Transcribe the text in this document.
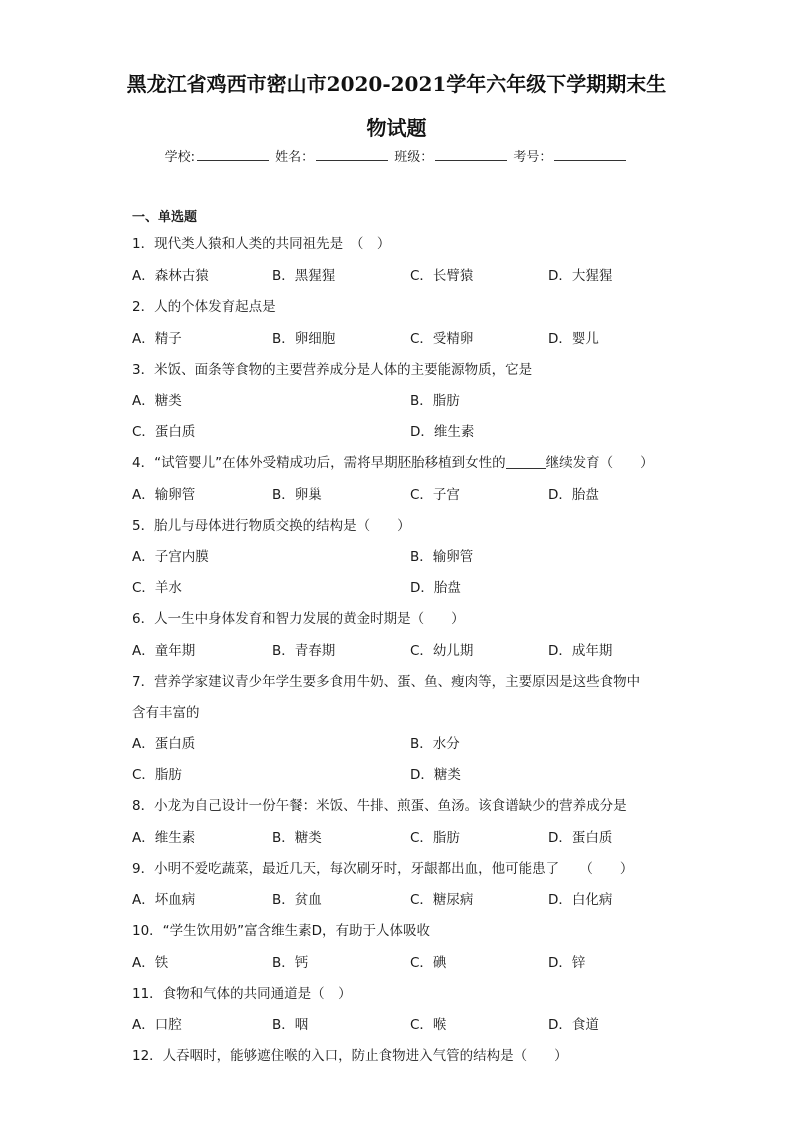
黑龙江省鸡西市密山市2020-2021学年六年级下学期期末生
物试题
学校:	姓名：	班级：	考号：
一、单选题
1．现代类人猿和人类的共同祖先是　（　）
A．森林古猿	B．黑猩猩	C．长臂猿	D．大猩猩
2．人的个体发育起点是
A．精子	B．卵细胞	C．受精卵	D．婴儿
3．米饭、面条等食物的主要营养成分是人体的主要能源物质，它是
A．糖类	B．脂肪
C．蛋白质	D．维生素
4．“试管婴儿”在体外受精成功后，需将早期胚胎移植到女性的	继续发育（　　）
A．输卵管	B．卵巢	C．子宫	D．胎盘
5．胎儿与母体进行物质交换的结构是（　　）
A．子宫内膜	B．输卵管
C．羊水	D．胎盘
6．人一生中身体发育和智力发展的黄金时期是（　　）
A．童年期	B．青春期	C．幼儿期	D．成年期
7．营养学家建议青少年学生要多食用牛奶、蛋、鱼、瘦肉等，主要原因是这些食物中
含有丰富的
A．蛋白质	B．水分
C．脂肪	D．糖类
8．小龙为自己设计一份午餐：米饭、牛排、煎蛋、鱼汤。该食谱缺少的营养成分是
A．维生素	B．糖类	C．脂肪	D．蛋白质
9．小明不爱吃蔬菜，最近几天，每次刷牙时，牙龈都出血，他可能患了　　（　　）
A．坏血病	B．贫血	C．糖尿病	D．白化病
10．“学生饮用奶”富含维生素D，有助于人体吸收
A．铁	B．钙	C．碘	D．锌
11．食物和气体的共同通道是（　）
A．口腔	B．咽	C．喉	D．食道
12．人吞咽时，能够遮住喉的入口，防止食物进入气管的结构是（　　）
